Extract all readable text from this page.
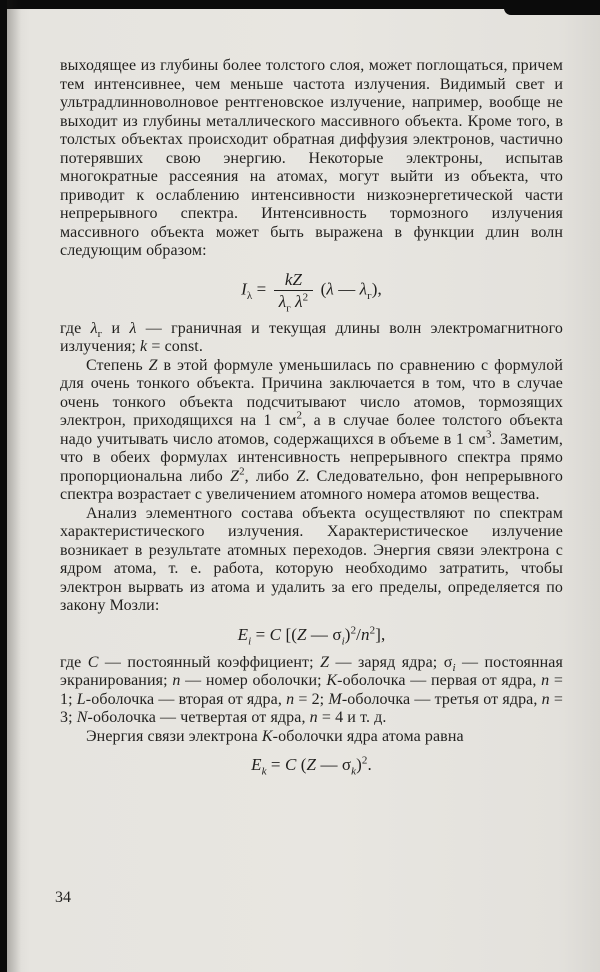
выходящее из глубины более толстого слоя, может поглощаться, причем тем интенсивнее, чем меньше частота излучения. Видимый свет и ультрадлинноволновое рентгеновское излучение, например, вообще не выходит из глубины металлического массивного объекта. Кроме того, в толстых объектах происходит обратная диффузия электронов, частично потерявших свою энергию. Некоторые электроны, испытав многократные рассеяния на атомах, могут выйти из объекта, что приводит к ослаблению интенсивности низкоэнергетической части непрерывного спектра. Интенсивность тормозного излучения массивного объекта может быть выражена в функции длин волн следующим образом:

$I_\lambda = \frac{kZ}{\lambda_г \lambda^2} (\lambda$ — $\lambda_г$),

где $\lambda_г$ и λ — граничная и текущая длины волн электромагнитного излучения; k = const.

Степень Z в этой формуле уменьшилась по сравнению с формулой для очень тонкого объекта. Причина заключается в том, что в случае очень тонкого объекта подсчитывают число атомов, тормозящих электрон, приходящихся на 1 $см^2$, а в случае более толстого объекта надо учитывать число атомов, содержащихся в объеме в 1 $см^3$. Заметим, что в обеих формулах интенсивность непрерывного спектра прямо пропорциональна либо $Z^2$, либо Z. Следовательно, фон непрерывного спектра возрастает с увеличением атомного номера атомов вещества.

Анализ элементного состава объекта осуществляют по спектрам характеристического излучения. Характеристическое излучение возникает в результате атомных переходов. Энергия связи электрона с ядром атома, т. е. работа, которую необходимо затратить, чтобы электрон вырвать из атома и удалить за его пределы, определяется по закону Мозли:

$E_i = C$ [(Z — $\sigma_i)^2/n^2$],

где C — постоянный коэффициент; Z — заряд ядра; $\sigma_i$ — постоянная экранирования; n — номер оболочки; K-оболочка — первая от ядра, n = 1; L-оболочка — вторая от ядра, n = 2; M-оболочка — третья от ядра, n = 3; N-оболочка — четвертая от ядра, n = 4 и т. д.

Энергия связи электрона K-оболочки ядра атома равна

$E_k = C$ (Z — $\sigma_k)^2$.
34
